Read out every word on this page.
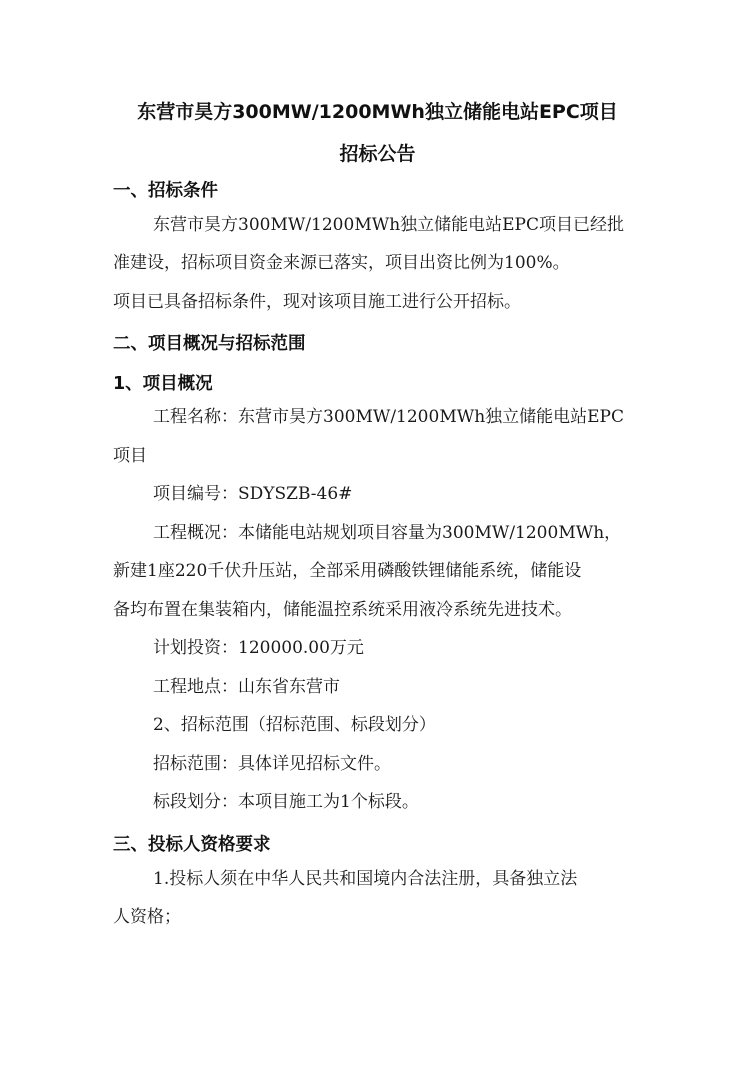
东营市昊方300MW/1200MWh独立储能电站EPC项目
招标公告
一、招标条件
东营市昊方300MW/1200MWh独立储能电站EPC项目已经批
准建设，招标项目资金来源已落实，项目出资比例为100%。
项目已具备招标条件，现对该项目施工进行公开招标。
二、项目概况与招标范围
1、项目概况
工程名称：东营市昊方300MW/1200MWh独立储能电站EPC
项目
项目编号：SDYSZB-46#
工程概况：本储能电站规划项目容量为300MW/1200MWh，
新建1座220千伏升压站，全部采用磷酸铁锂储能系统，储能设
备均布置在集装箱内，储能温控系统采用液冷系统先进技术。
计划投资：120000.00万元
工程地点：山东省东营市
2、招标范围（招标范围、标段划分）
招标范围：具体详见招标文件。
标段划分：本项目施工为1个标段。
三、投标人资格要求
1.投标人须在中华人民共和国境内合法注册，具备独立法
人资格；
